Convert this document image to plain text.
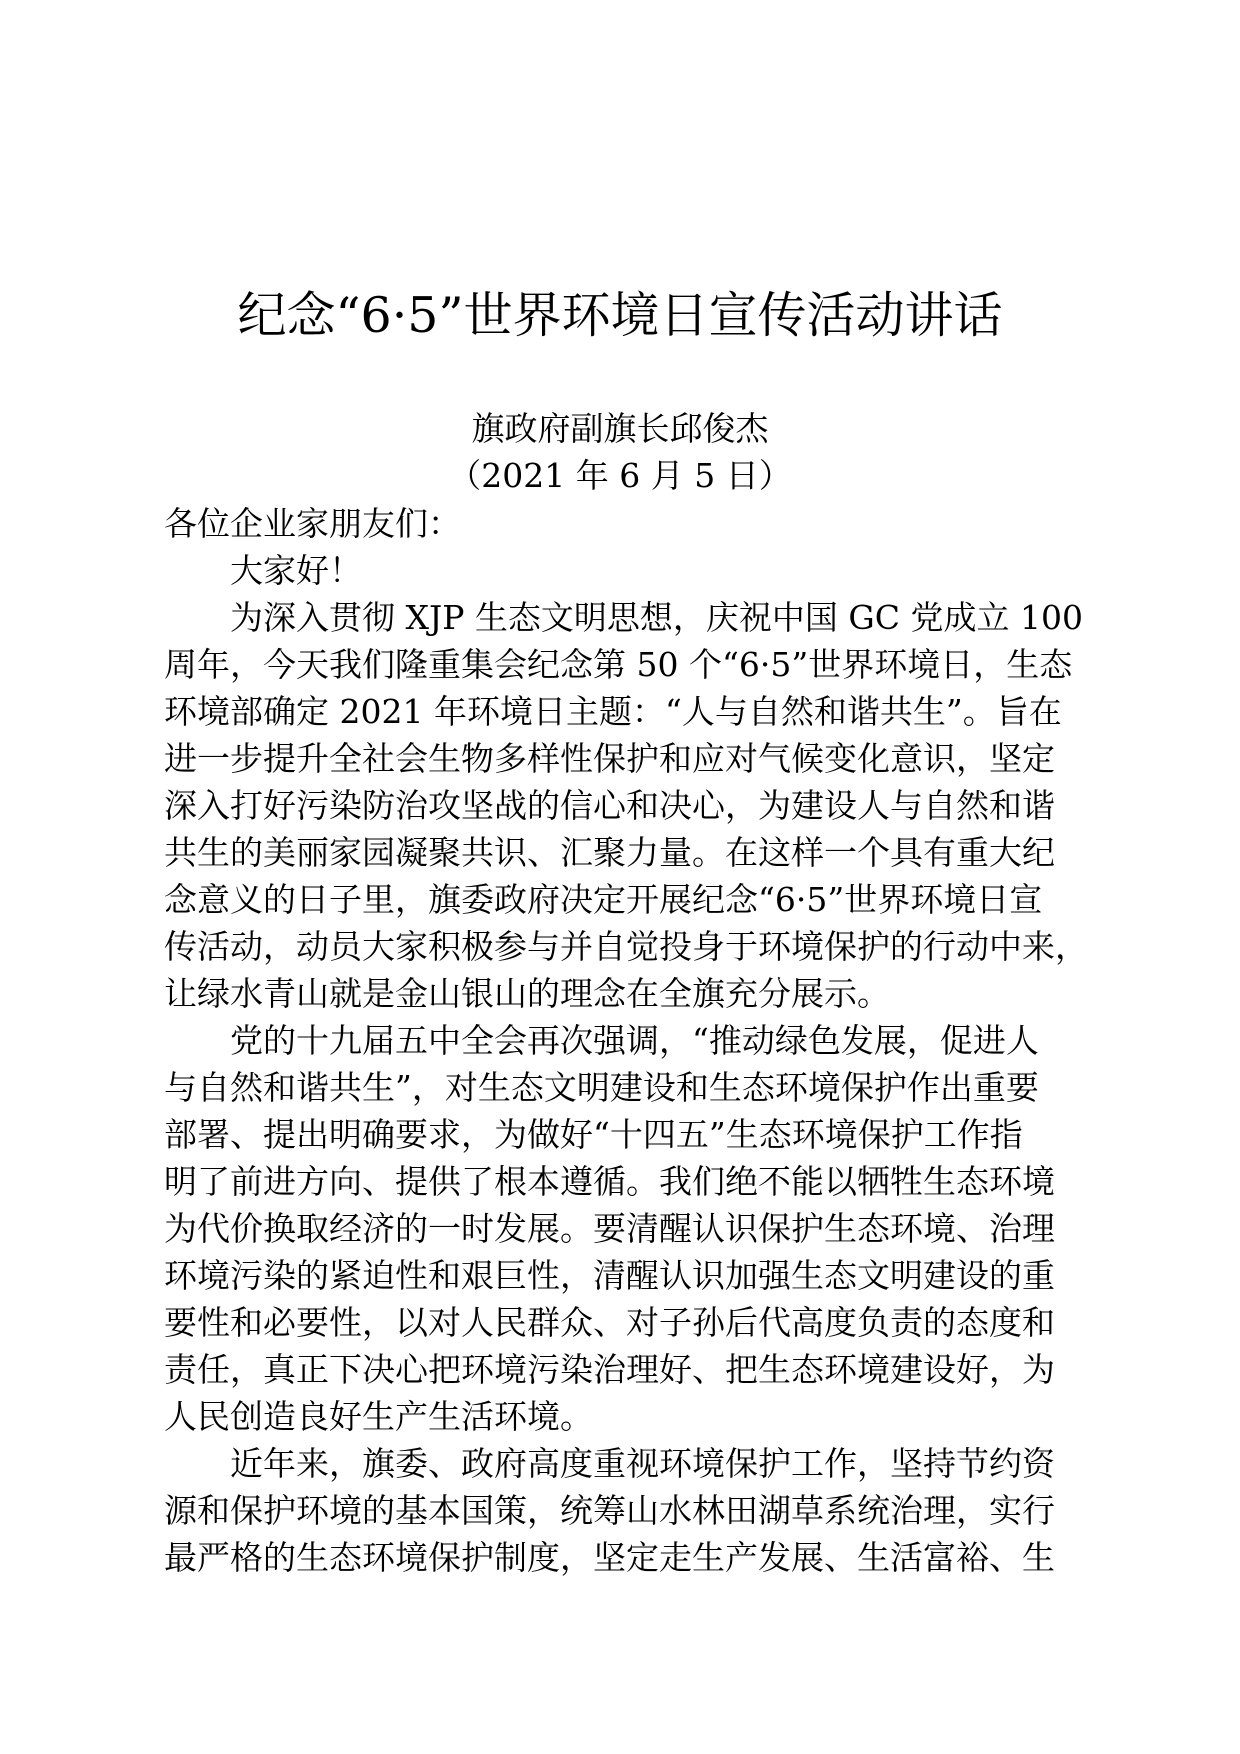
纪念“6·5”世界环境日宣传活动讲话
旗政府副旗长邱俊杰
（2021 年 6 月 5 日）
各位企业家朋友们：
大家好！
为深入贯彻 XJP 生态文明思想，庆祝中国 GC 党成立 100
周年，今天我们隆重集会纪念第 50 个“6·5”世界环境日，生态
环境部确定 2021 年环境日主题：“人与自然和谐共生”。旨在
进一步提升全社会生物多样性保护和应对气候变化意识，坚定
深入打好污染防治攻坚战的信心和决心，为建设人与自然和谐
共生的美丽家园凝聚共识、汇聚力量。在这样一个具有重大纪
念意义的日子里，旗委政府决定开展纪念“6·5”世界环境日宣
传活动，动员大家积极参与并自觉投身于环境保护的行动中来，
让绿水青山就是金山银山的理念在全旗充分展示。
党的十九届五中全会再次强调，“推动绿色发展，促进人
与自然和谐共生”，对生态文明建设和生态环境保护作出重要
部署、提出明确要求，为做好“十四五”生态环境保护工作指
明了前进方向、提供了根本遵循。我们绝不能以牺牲生态环境
为代价换取经济的一时发展。要清醒认识保护生态环境、治理
环境污染的紧迫性和艰巨性，清醒认识加强生态文明建设的重
要性和必要性，以对人民群众、对子孙后代高度负责的态度和
责任，真正下决心把环境污染治理好、把生态环境建设好，为
人民创造良好生产生活环境。
近年来，旗委、政府高度重视环境保护工作，坚持节约资
源和保护环境的基本国策，统筹山水林田湖草系统治理，实行
最严格的生态环境保护制度，坚定走生产发展、生活富裕、生
